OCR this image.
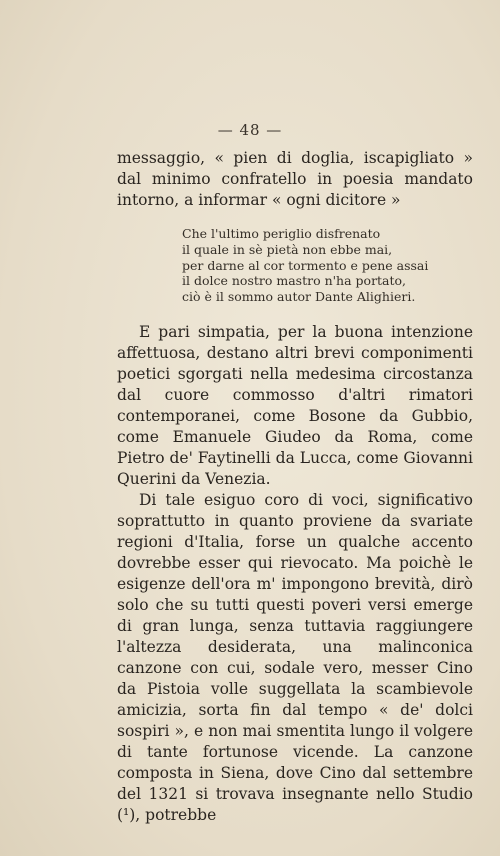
— 48 —

messaggio, « pien di doglia, iscapigliato » dal minimo confratello in poesia mandato intorno, a informar « ogni dicitore »

Che l'ultimo periglio disfrenato
il quale in sè pietà non ebbe mai,
per darne al cor tormento e pene assai
il dolce nostro mastro n'ha portato,
ciò è il sommo autor Dante Alighieri.

E pari simpatia, per la buona intenzione affettuosa, destano altri brevi componimenti poetici sgorgati nella medesima circostanza dal cuore commosso d'altri rimatori contemporanei, come Bosone da Gubbio, come Emanuele Giudeo da Roma, come Pietro de' Faytinelli da Lucca, come Giovanni Querini da Venezia.

Di tale esiguo coro di voci, significativo soprattutto in quanto proviene da svariate regioni d'Italia, forse un qualche accento dovrebbe esser qui rievocato. Ma poichè le esigenze dell'ora m' impongono brevità, dirò solo che su tutti questi poveri versi emerge di gran lunga, senza tuttavia raggiungere l'altezza desiderata, una malinconica canzone con cui, sodale vero, messer Cino da Pistoia volle suggellata la scambievole amicizia, sorta fin dal tempo « de' dolci sospiri », e non mai smentita lungo il volgere di tante fortunose vicende. La canzone composta in Siena, dove Cino dal settembre del 1321 si trovava insegnante nello Studio (¹), potrebbe
